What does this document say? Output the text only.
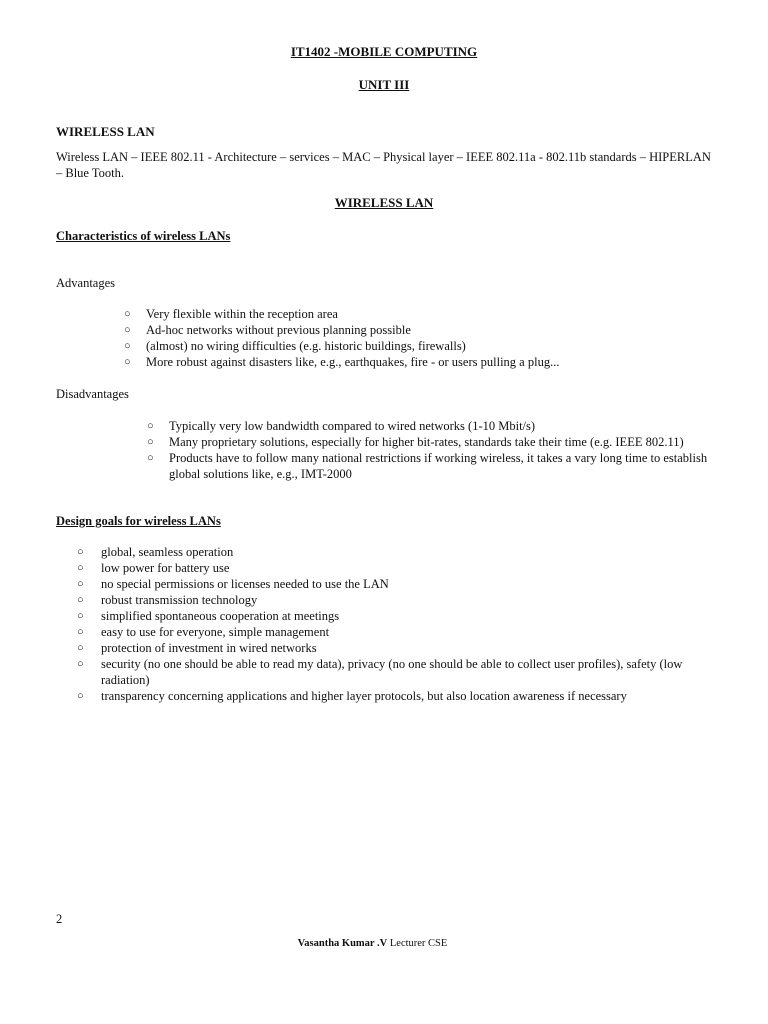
IT1402 -MOBILE COMPUTING
UNIT III
WIRELESS LAN
Wireless LAN – IEEE 802.11 - Architecture – services – MAC – Physical layer – IEEE 802.11a - 802.11b standards – HIPERLAN – Blue Tooth.
WIRELESS LAN
Characteristics of wireless LANs
Advantages
○ Very flexible within the reception area
○ Ad-hoc networks without previous planning possible
○ (almost) no wiring difficulties (e.g. historic buildings, firewalls)
○ More robust against disasters like, e.g., earthquakes, fire - or users pulling a plug...
Disadvantages
○ Typically very low bandwidth compared to wired networks (1-10 Mbit/s)
○ Many proprietary solutions, especially for higher bit-rates, standards take their time (e.g. IEEE 802.11)
○ Products have to follow many national restrictions if working wireless, it takes a vary long time to establish global solutions like, e.g., IMT-2000
Design goals for wireless LANs
○ global, seamless operation
○ low power for battery use
○ no special permissions or licenses needed to use the LAN
○ robust transmission technology
○ simplified spontaneous cooperation at meetings
○ easy to use for everyone, simple management
○ protection of investment in wired networks
○ security (no one should be able to read my data), privacy (no one should be able to collect user profiles), safety (low radiation)
○ transparency concerning applications and higher layer protocols, but also location awareness if necessary
2
Vasantha Kumar .V Lecturer CSE
